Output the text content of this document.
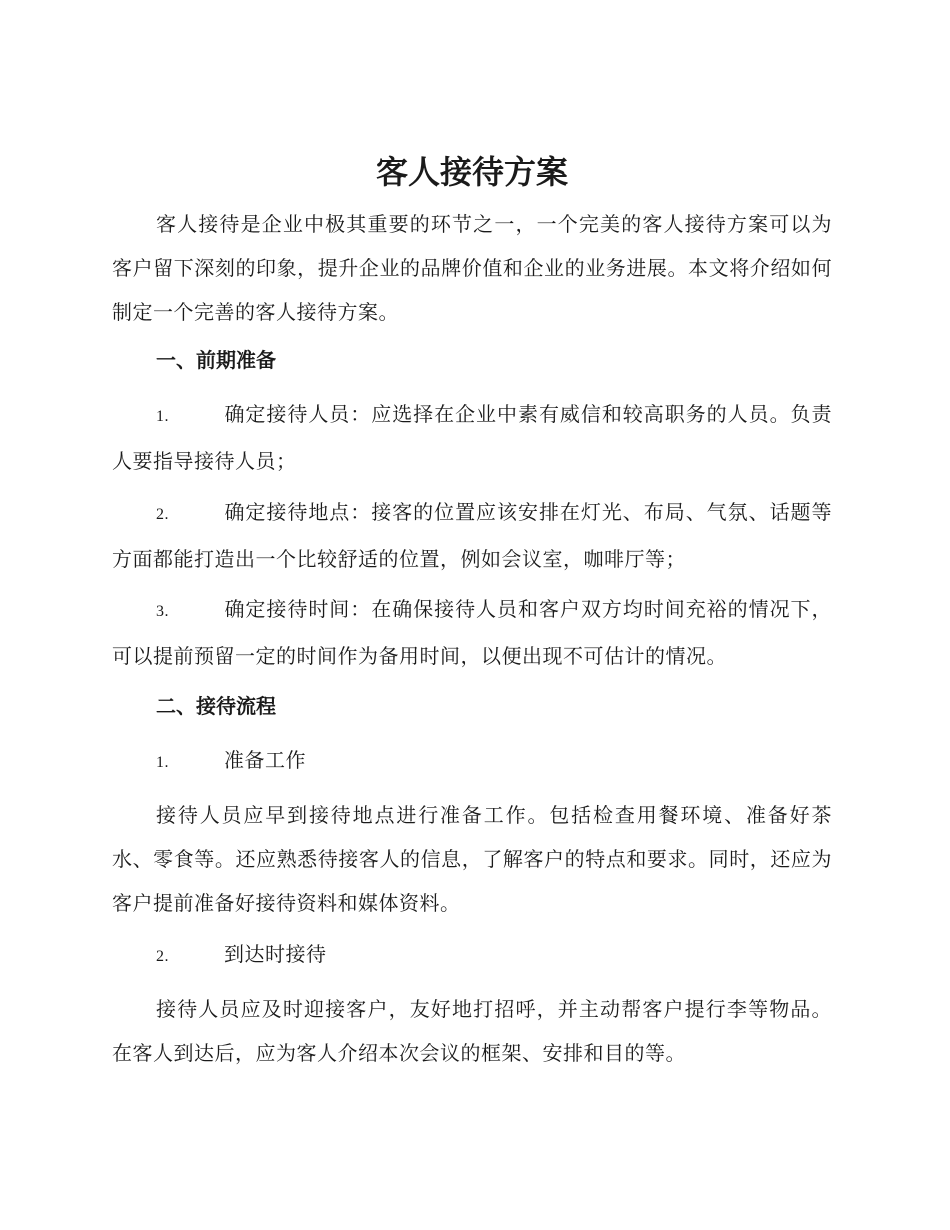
客人接待方案

客人接待是企业中极其重要的环节之一，一个完美的客人接待方案可以为客户留下深刻的印象，提升企业的品牌价值和企业的业务进展。本文将介绍如何制定一个完善的客人接待方案。

一、前期准备

1.	确定接待人员：应选择在企业中素有威信和较高职务的人员。负责人要指导接待人员；

2.	确定接待地点：接客的位置应该安排在灯光、布局、气氛、话题等方面都能打造出一个比较舒适的位置，例如会议室，咖啡厅等；

3.	确定接待时间：在确保接待人员和客户双方均时间充裕的情况下，可以提前预留一定的时间作为备用时间，以便出现不可估计的情况。

二、接待流程

1.	准备工作

接待人员应早到接待地点进行准备工作。包括检查用餐环境、准备好茶水、零食等。还应熟悉待接客人的信息，了解客户的特点和要求。同时，还应为客户提前准备好接待资料和媒体资料。

2.	到达时接待

接待人员应及时迎接客户，友好地打招呼，并主动帮客户提行李等物品。在客人到达后，应为客人介绍本次会议的框架、安排和目的等。
